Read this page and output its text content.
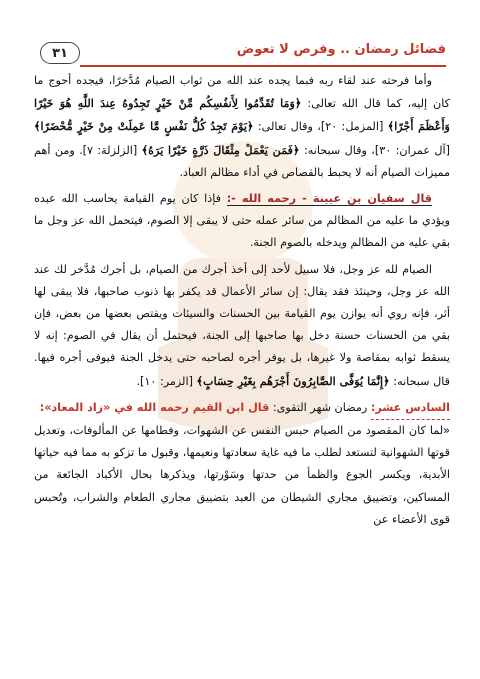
٣١	فضائل رمضان .. وفرص لا تعوض

وأما فرحته عند لقاء ربه فبما يجده عند الله من ثواب الصيام مُدَّخرًا، فيجده أحوج ما كان إليه، كما قال الله تعالى: ﴿وَمَا تُقَدِّمُوا لِأَنفُسِكُم مِّنْ خَيْرٍ تَجِدُوهُ عِندَ اللَّهِ هُوَ خَيْرًا وَأَعْظَمَ أَجْرًا﴾ [المزمل: ٢٠]، وقال تعالى: ﴿يَوْمَ تَجِدُ كُلُّ نَفْسٍ مَّا عَمِلَتْ مِنْ خَيْرٍ مُّحْضَرًا﴾ [آل عمران: ٣٠]، وقال سبحانه: ﴿فَمَن يَعْمَلْ مِثْقَالَ ذَرَّةٍ خَيْرًا يَرَهُ﴾ [الزلزلة: ٧]. ومن أهم مميزات الصيام أنه لا يحبط بالقصاص في أداء مظالم العباد.

قال سفيان بن عيينة - رحمه الله -: فإذا كان يوم القيامة يحاسب الله عبده ويؤدي ما عليه من المظالم من سائر عمله حتى لا يبقى إلا الصوم، فيتحمل الله عز وجل ما بقي عليه من المظالم ويدخله بالصوم الجنة.

الصيام لله عز وجل، فلا سبيل لأحد إلى أخذ أجرك من الصيام، بل أجرك مُدَّخر لك عند الله عز وجل، وحينئذ فقد يقال: إن سائر الأعمال قد يكفر بها ذنوب صاحبها، فلا يبقى لها أثر، فإنه روي أنه يوازن يوم القيامة بين الحسنات والسيئات ويقتص بعضها من بعض، فإن بقي من الحسنات حسنة دخل بها صاحبها إلى الجنة، فيحتمل أن يقال في الصوم: إنه لا يسقط ثوابه بمقاصة ولا غيرها، بل يوفر أجره لصاحبه حتى يدخل الجنة فيوفى أجره فيها. قال سبحانه: ﴿إِنَّمَا يُوَفَّى الصَّابِرُونَ أَجْرَهُم بِغَيْرِ حِسَابٍ﴾ [الزمر: ١٠].

السادس عشر: رمضان شهر التقوى: قال ابن القيم رحمه الله في «زاد المعاد»:

«لما كان المقصود من الصيام حبس النفس عن الشهوات، وفطامها عن المألوفات، وتعديل قوتها الشهوانية لتستعد لطلب ما فيه غاية سعادتها ونعيمها، وقبول ما تزكو به مما فيه حياتها الأبدية، ويكسر الجوع والظمأ من حدتها وسَوْرتها، ويذكرها بحال الأكباد الجائعة من المساكين، وتضييق مجاري الشيطان من العبد بتضييق مجاري الطعام والشراب، وتُحبس قوى الأعضاء عن
